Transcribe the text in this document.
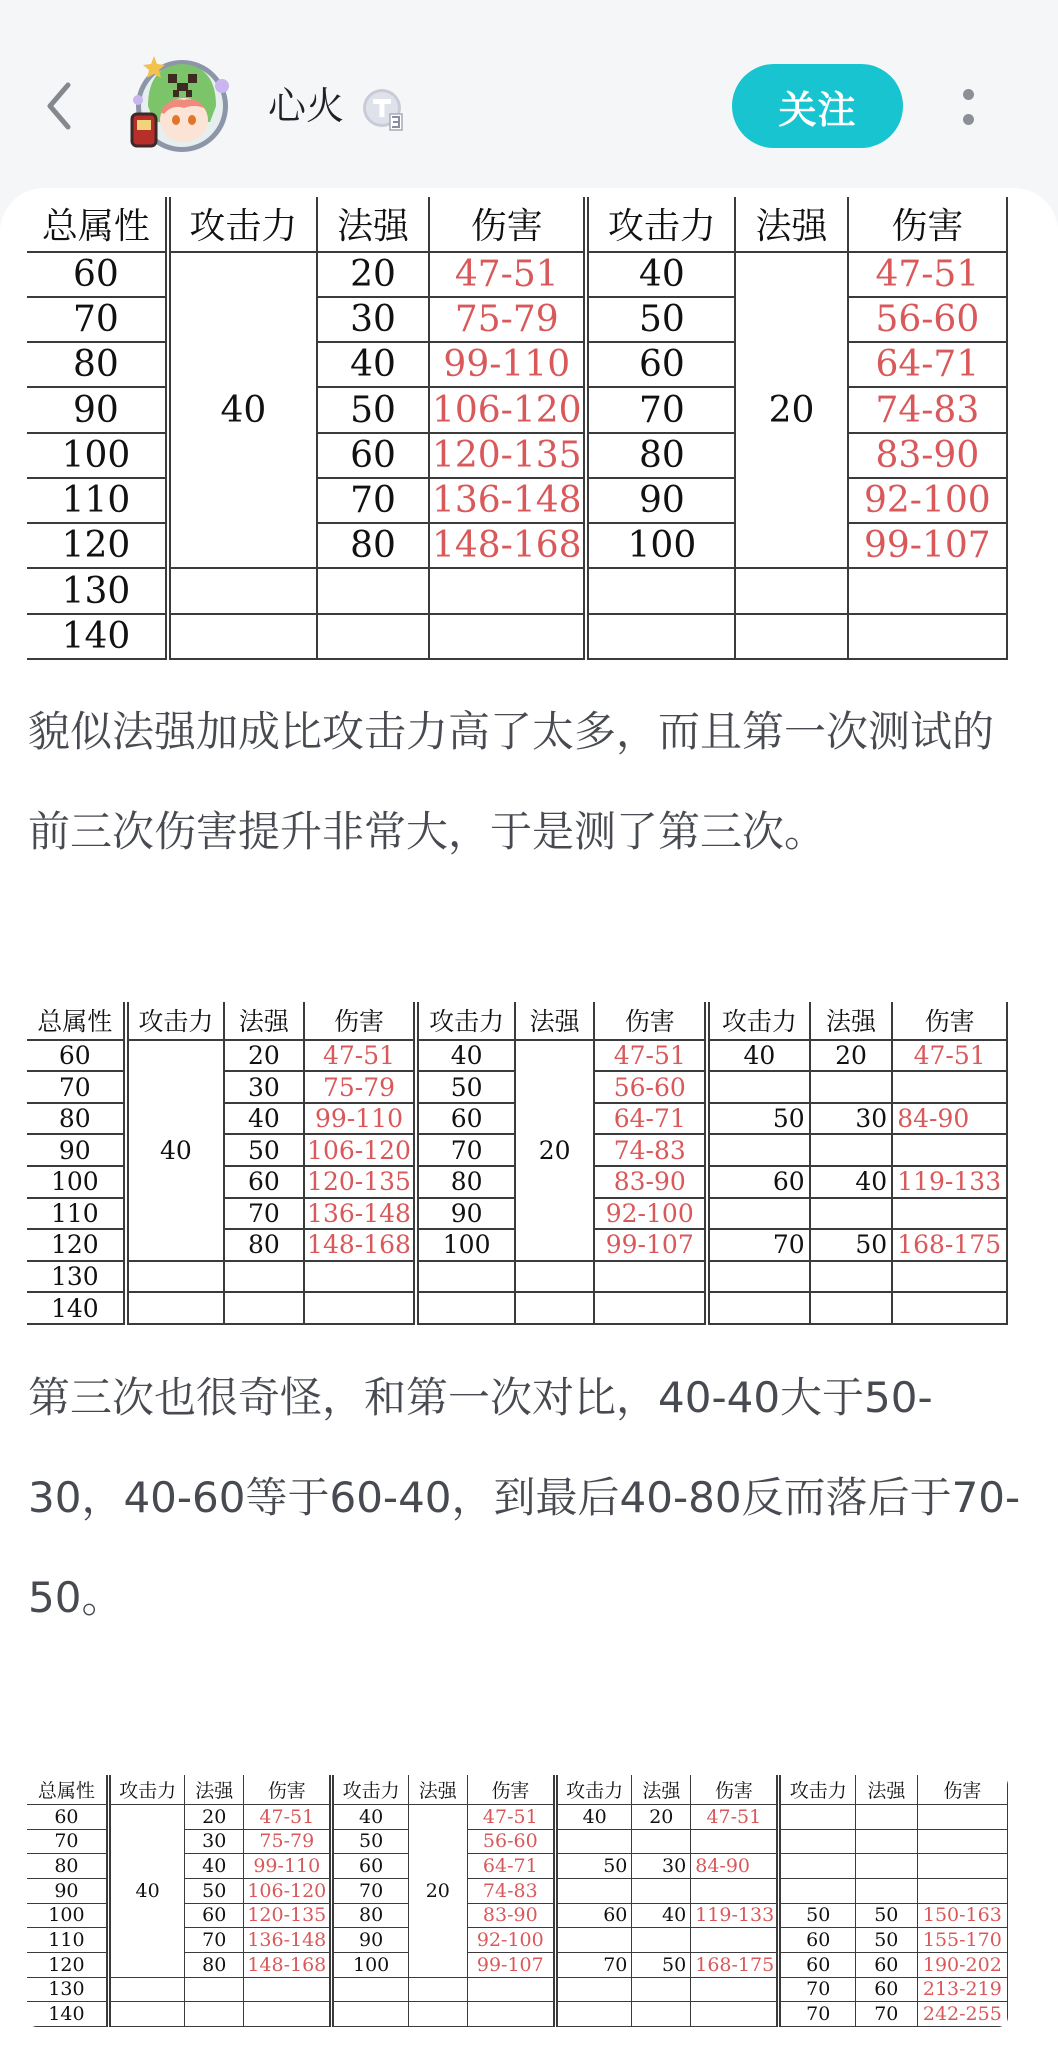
心火	关注
总属性	攻击力	法强	伤害	攻击力	法强	伤害
60	40	20	47-51	40	20	47-51
70		30	75-79	50		56-60
80		40	99-110	60		64-71
90		50	106-120	70		74-83
100		60	120-135	80		83-90
110		70	136-148	90		92-100
120		80	148-168	100		99-107
130						
140						

貌似法强加成比攻击力高了太多，而且第一次测试的前三次伤害提升非常大，于是测了第三次。

总属性	攻击力	法强	伤害	攻击力	法强	伤害	攻击力	法强	伤害
60	40	20	47-51	40	20	47-51	40	20	47-51
70		30	75-79	50		56-60			
80		40	99-110	60		64-71	50	30	84-90
90		50	106-120	70		74-83			
100		60	120-135	80		83-90	60	40	119-133
110		70	136-148	90		92-100			
120		80	148-168	100		99-107	70	50	168-175
130									
140									

第三次也很奇怪，和第一次对比，40-40大于50-30，40-60等于60-40，到最后40-80反而落后于70-50。

总属性	攻击力	法强	伤害	攻击力	法强	伤害	攻击力	法强	伤害	攻击力	法强	伤害
60	40	20	47-51	40	20	47-51	40	20	47-51			
70		30	75-79	50		56-60						
80		40	99-110	60		64-71	50	30	84-90			
90		50	106-120	70		74-83						
100		60	120-135	80		83-90	60	40	119-133	50	50	150-163
110		70	136-148	90		92-100				60	50	155-170
120		80	148-168	100		99-107	70	50	168-175	60	60	190-202
130										70	60	213-219
140										70	70	242-255
